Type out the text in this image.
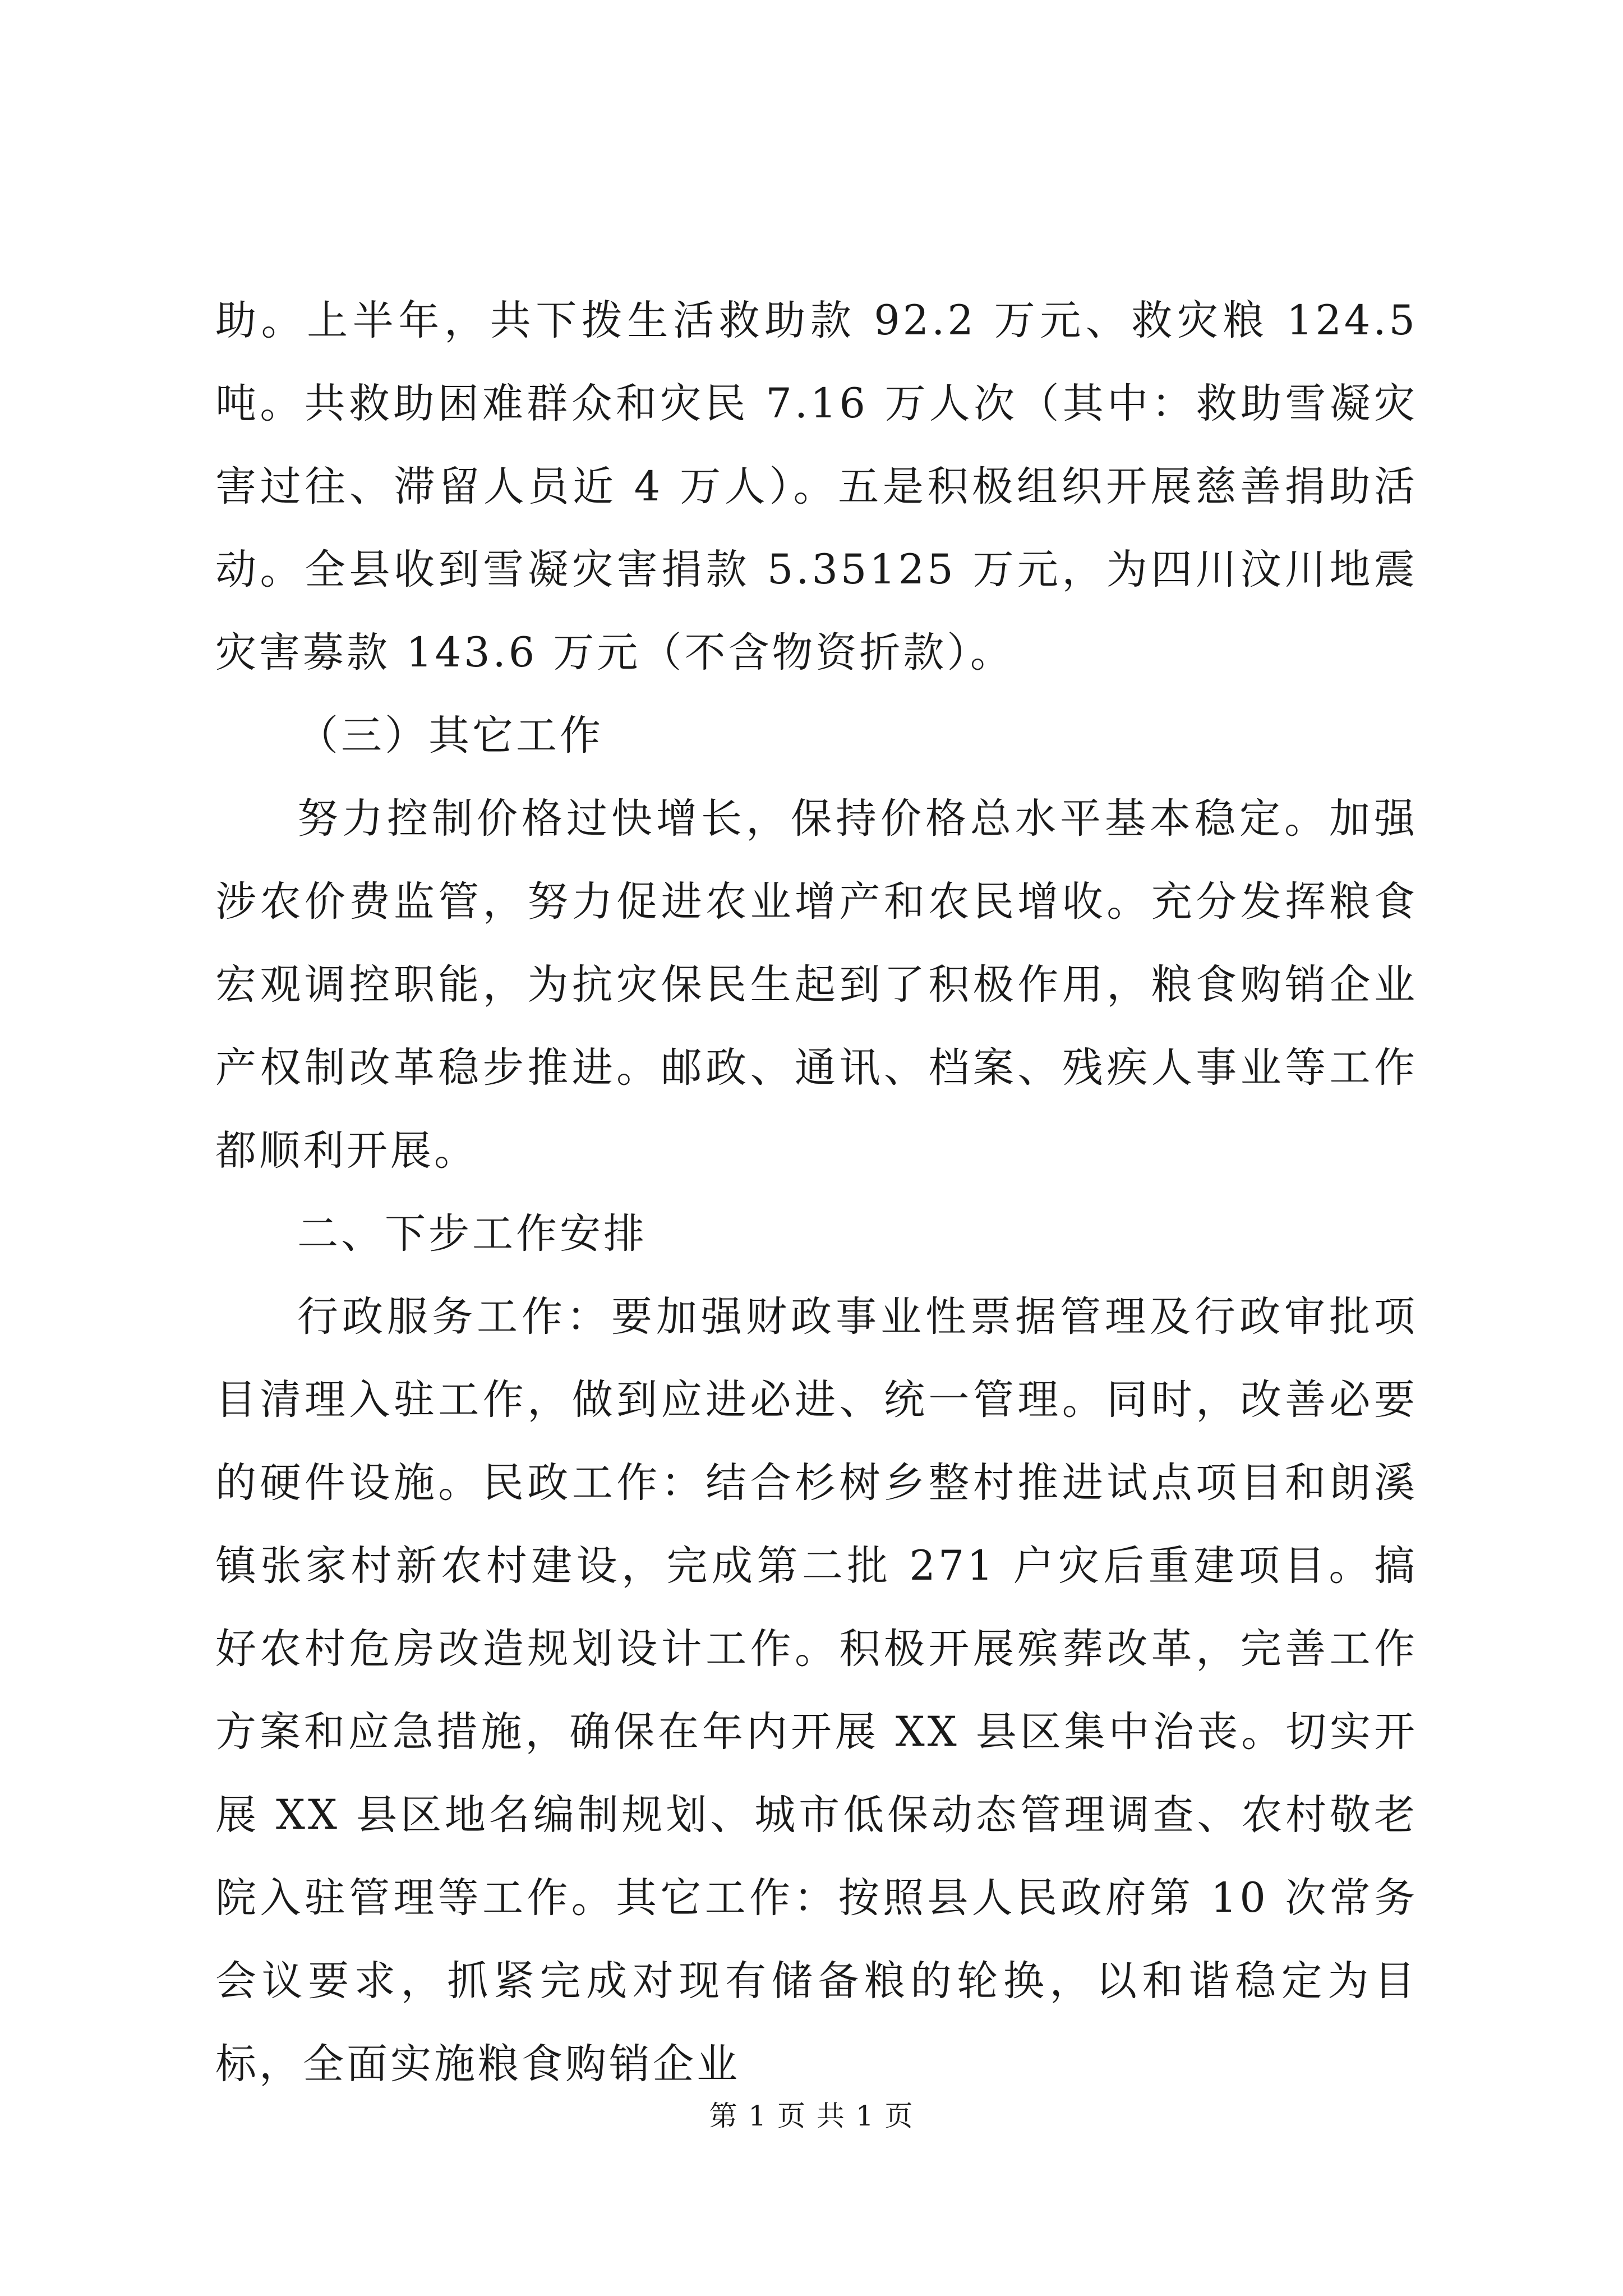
助。上半年，共下拨生活救助款 92.2 万元、救灾粮 124.5 吨。共救助困难群众和灾民 7.16 万人次（其中：救助雪凝灾害过往、滞留人员近 4 万人）。五是积极组织开展慈善捐助活动。全县收到雪凝灾害捐款 5.35125 万元，为四川汶川地震灾害募款 143.6 万元（不含物资折款）。

（三）其它工作

努力控制价格过快增长，保持价格总水平基本稳定。加强涉农价费监管，努力促进农业增产和农民增收。充分发挥粮食宏观调控职能，为抗灾保民生起到了积极作用，粮食购销企业产权制改革稳步推进。邮政、通讯、档案、残疾人事业等工作都顺利开展。

二、下步工作安排

行政服务工作：要加强财政事业性票据管理及行政审批项目清理入驻工作，做到应进必进、统一管理。同时，改善必要的硬件设施。民政工作：结合杉树乡整村推进试点项目和朗溪镇张家村新农村建设，完成第二批 271 户灾后重建项目。搞好农村危房改造规划设计工作。积极开展殡葬改革，完善工作方案和应急措施，确保在年内开展 XX 县区集中治丧。切实开展 XX 县区地名编制规划、城市低保动态管理调查、农村敬老院入驻管理等工作。其它工作：按照县人民政府第 10 次常务会议要求，抓紧完成对现有储备粮的轮换，以和谐稳定为目标，全面实施粮食购销企业

第 1 页 共 1 页
